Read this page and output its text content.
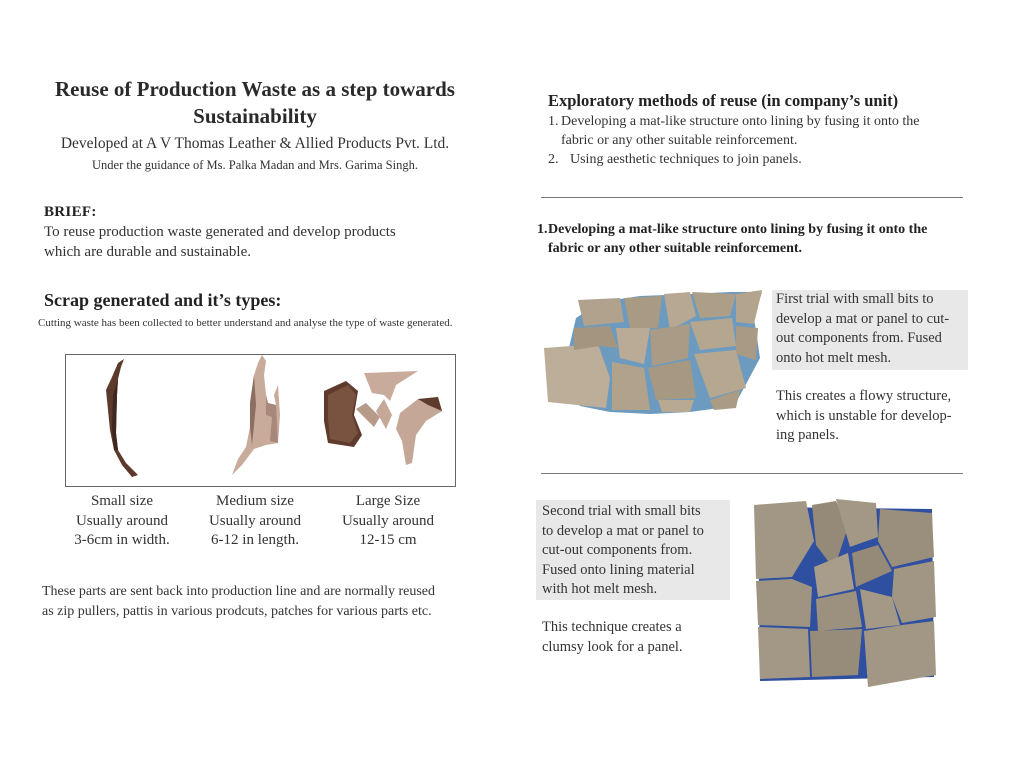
Reuse of Production Waste as a step towards
Sustainability
Developed at A V Thomas Leather & Allied Products Pvt. Ltd.
Under the guidance of Ms. Palka Madan and Mrs. Garima Singh.
BRIEF:
To reuse production waste generated and develop products
which are durable and sustainable.
Scrap generated and it’s types:
Cutting waste has been collected to better understand and analyse the type of waste generated.
Small size
Usually around
3-6cm in width.
Medium size
Usually around
6-12 in length.
Large Size
Usually around
12-15 cm
These parts are sent back into production line and are normally reused
as zip pullers, pattis in various prodcuts, patches for various parts etc.
Exploratory methods of reuse (in company’s unit)
1. Developing a mat-like structure onto lining by fusing it onto the
fabric or any other suitable reinforcement.
2. Using aesthetic techniques to join panels.
1. Developing a mat-like structure onto lining by fusing it onto the
fabric or any other suitable reinforcement.
First trial with small bits to
develop a mat or panel to cut-
out components from. Fused
onto hot melt mesh.
This creates a flowy structure,
which is unstable for develop-
ing panels.
Second trial with small bits
to develop a mat or panel to
cut-out components from.
Fused onto lining material
with hot melt mesh.
This technique creates a
clumsy look for a panel.
